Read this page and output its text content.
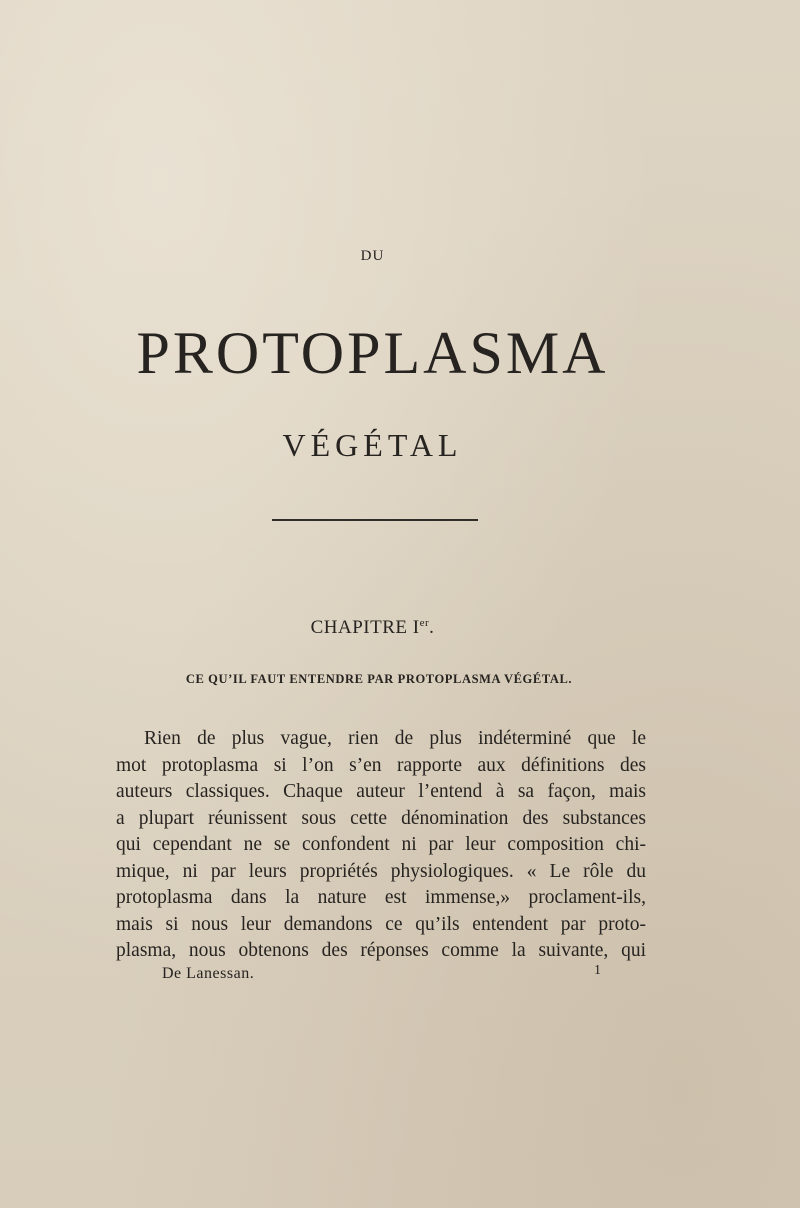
DU
PROTOPLASMA
VÉGÉTAL
CHAPITRE Ier.
CE QU’IL FAUT ENTENDRE PAR PROTOPLASMA VÉGÉTAL.
Rien de plus vague, rien de plus indéterminé que le
mot protoplasma si l’on s’en rapporte aux définitions des
auteurs classiques. Chaque auteur l’entend à sa façon, mais
a plupart réunissent sous cette dénomination des substances
qui cependant ne se confondent ni par leur composition chi-
mique, ni par leurs propriétés physiologiques. « Le rôle du
protoplasma dans la nature est immense,» proclament-ils,
mais si nous leur demandons ce qu’ils entendent par proto-
plasma, nous obtenons des réponses comme la suivante, qui
De Lanessan.	1
